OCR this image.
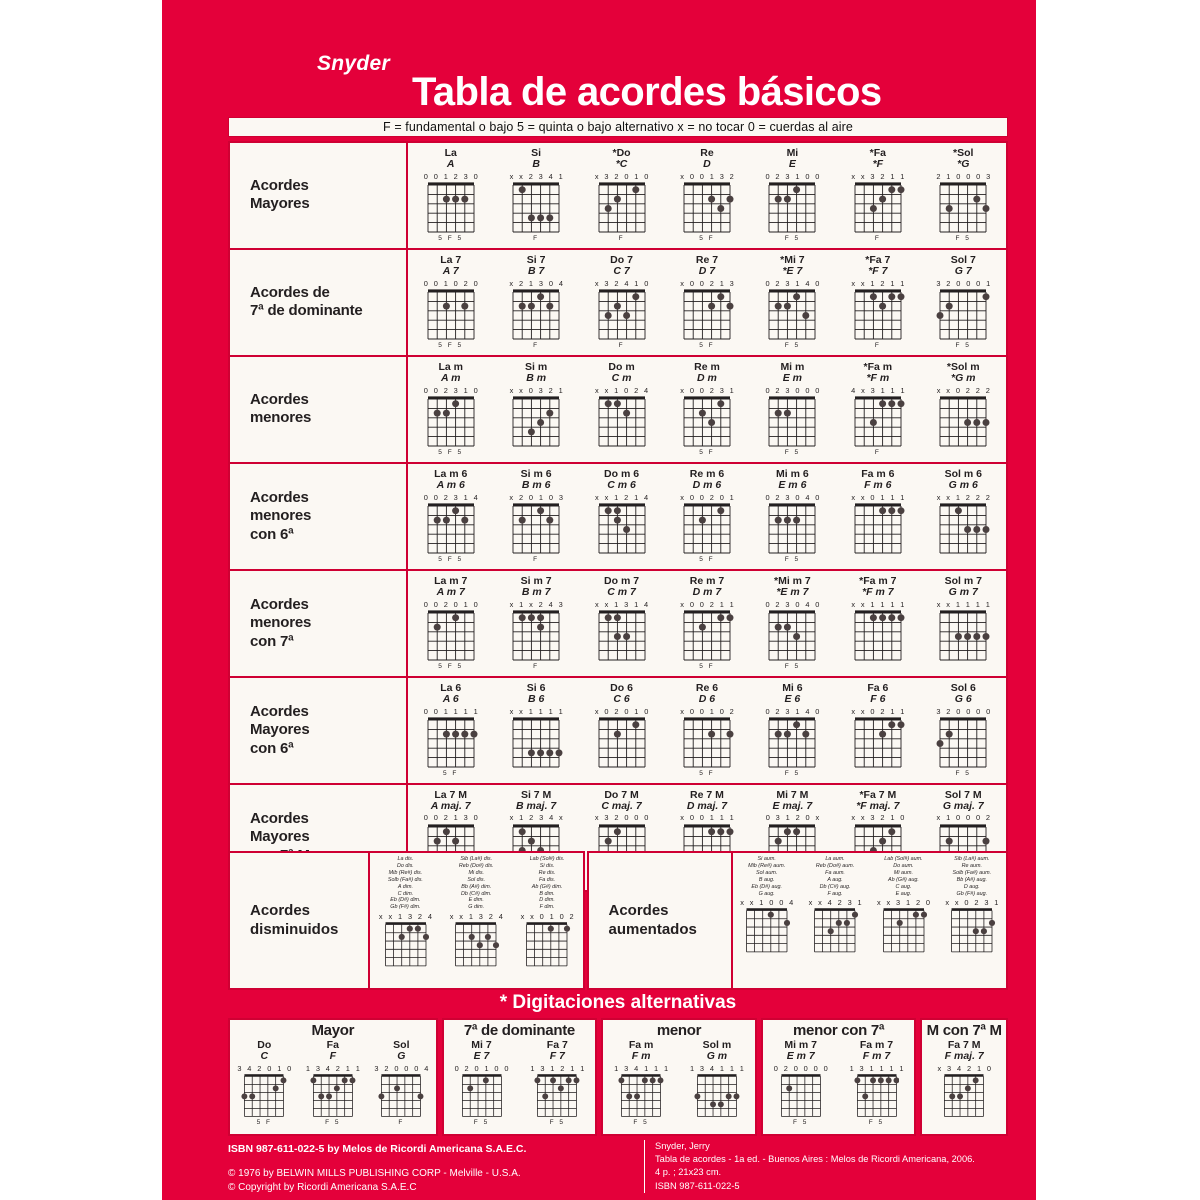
Snyder
Tabla de acordes básicos
F = fundamental o bajo 5 = quinta o bajo alternativo x = no tocar 0 = cuerdas al aire
Acordes
Mayores
La
A
0 0 1 2 3 0
5 F 5
Si
B
x x 2 3 4 1
F
*Do
*C
x 3 2 0 1 0
F
Re
D
x 0 0 1 3 2
5 F
Mi
E
0 2 3 1 0 0
F 5
*Fa
*F
x x 3 2 1 1
F
*Sol
*G
2 1 0 0 0 3
F 5
Acordes de
7ª de dominante
La 7
A 7
0 0 1 0 2 0
5 F 5
Si 7
B 7
x 2 1 3 0 4
F
Do 7
C 7
x 3 2 4 1 0
F
Re 7
D 7
x 0 0 2 1 3
5 F
*Mi 7
*E 7
0 2 3 1 4 0
F 5
*Fa 7
*F 7
x x 1 2 1 1
F
Sol 7
G 7
3 2 0 0 0 1
F 5
Acordes
menores
La m
A m
0 0 2 3 1 0
5 F 5
Si m
B m
x x 0 3 2 1
Do m
C m
x x 1 0 2 4
Re m
D m
x 0 0 2 3 1
5 F
Mi m
E m
0 2 3 0 0 0
F 5
*Fa m
*F m
4 x 3 1 1 1
F
*Sol m
*G m
x x 0 2 2 2
Acordes
menores
con 6ª
La m 6
A m 6
0 0 2 3 1 4
5 F 5
Si m 6
B m 6
x 2 0 1 0 3
F
Do m 6
C m 6
x x 1 2 1 4
Re m 6
D m 6
x 0 0 2 0 1
5 F
Mi m 6
E m 6
0 2 3 0 4 0
F 5
Fa m 6
F m 6
x x 0 1 1 1
Sol m 6
G m 6
x x 1 2 2 2
Acordes
menores
con 7ª
La m 7
A m 7
0 0 2 0 1 0
5 F 5
Si m 7
B m 7
x 1 x 2 4 3
F
Do m 7
C m 7
x x 1 3 1 4
Re m 7
D m 7
x 0 0 2 1 1
5 F
*Mi m 7
*E m 7
0 2 3 0 4 0
F 5
*Fa m 7
*F m 7
x x 1 1 1 1
Sol m 7
G m 7
x x 1 1 1 1
Acordes
Mayores
con 6ª
La 6
A 6
0 0 1 1 1 1
5 F
Si 6
B 6
x x 1 1 1 1
Do 6
C 6
x 0 2 0 1 0
Re 6
D 6
x 0 0 1 0 2
5 F
Mi 6
E 6
0 2 3 1 4 0
F 5
Fa 6
F 6
x x 0 2 1 1
Sol 6
G 6
3 2 0 0 0 0
F 5
Acordes
Mayores

La 7 M
A maj. 7
0 0 2 1 3 0
Si 7 M
B maj. 7
x 1 2 3 4 x
Do 7 M
C maj. 7
x 3 2 0 0 0
Re 7 M
D maj. 7
x 0 0 1 1 1
Mi 7 M
E maj. 7
0 3 1 2 0 x
*Fa 7 M
*F maj. 7
x x 3 2 1 0
Sol 7 M
G maj. 7
x 1 0 0 0 2
Acordes
disminuidos
La dis.
Do dis.
Mib (Re#) dis.
Solb (Fa#) dis.
A dim.
C dim.
Eb (D#) dim.
Gb (F#) dim.
x x 1 3 2 4
Sib (La#) dis.
Reb (Do#) dis.
Mi dis.
Sol dis.
Bb (A#) dim.
Db (C#) dim.
E dim.
G dim.
x x 1 3 2 4
Lab (Sol#) dis.
Si dis.
Re dis.
Fa dis.
Ab (G#) dim.
B dim.
D dim.
F dim.
x x 0 1 0 2	Acordes
aumentados
Si aum.
Mib (Re#) aum.
Sol aum.
B aug.
Eb (D#) aug.
G aug.
x x 1 0 0 4
La aum.
Reb (Do#) aum.
Fa aum.
A aug.
Db (C#) aug.
F aug.
x x 4 2 3 1
Lab (Sol#) aum.
Do aum.
Mi aum.
Ab (G#) aug.
C aug.
E aug.
x x 3 1 2 0
Sib (La#) aum.
Re aum.
Solb (Fa#) aum.
Bb (A#) aug.
D aug.
Gb (F#) aug.
x x 0 2 3 1
* Digitaciones alternativas
Mayor
Do
C
3 4 2 0 1 0
5 F
Fa
F
1 3 4 2 1 1
F 5
Sol
G
3 2 0 0 0 4
F
7ª de dominante
Mi 7
E 7
0 2 0 1 0 0
F 5
Fa 7
F 7
1 3 1 2 1 1
F 5
menor
Fa m
F m
1 3 4 1 1 1
F 5
Sol m
G m
1 3 4 1 1 1
menor con 7ª
Mi m 7
E m 7
0 2 0 0 0 0
F 5
Fa m 7
F m 7
1 3 1 1 1 1
F 5
M con 7ª M
Fa 7 M
F maj. 7
x 3 4 2 1 0
ISBN 987-611-022-5 by Melos de Ricordi Americana S.A.E.C.
© 1976 by BELWIN MILLS PUBLISHING CORP - Melville - U.S.A.
© Copyright by Ricordi Americana S.A.E.C
Snyder, Jerry
Tabla de acordes - 1a ed. - Buenos Aires : Melos de Ricordi Americana, 2006.
4 p. ; 21x23 cm.
ISBN 987-611-022-5
